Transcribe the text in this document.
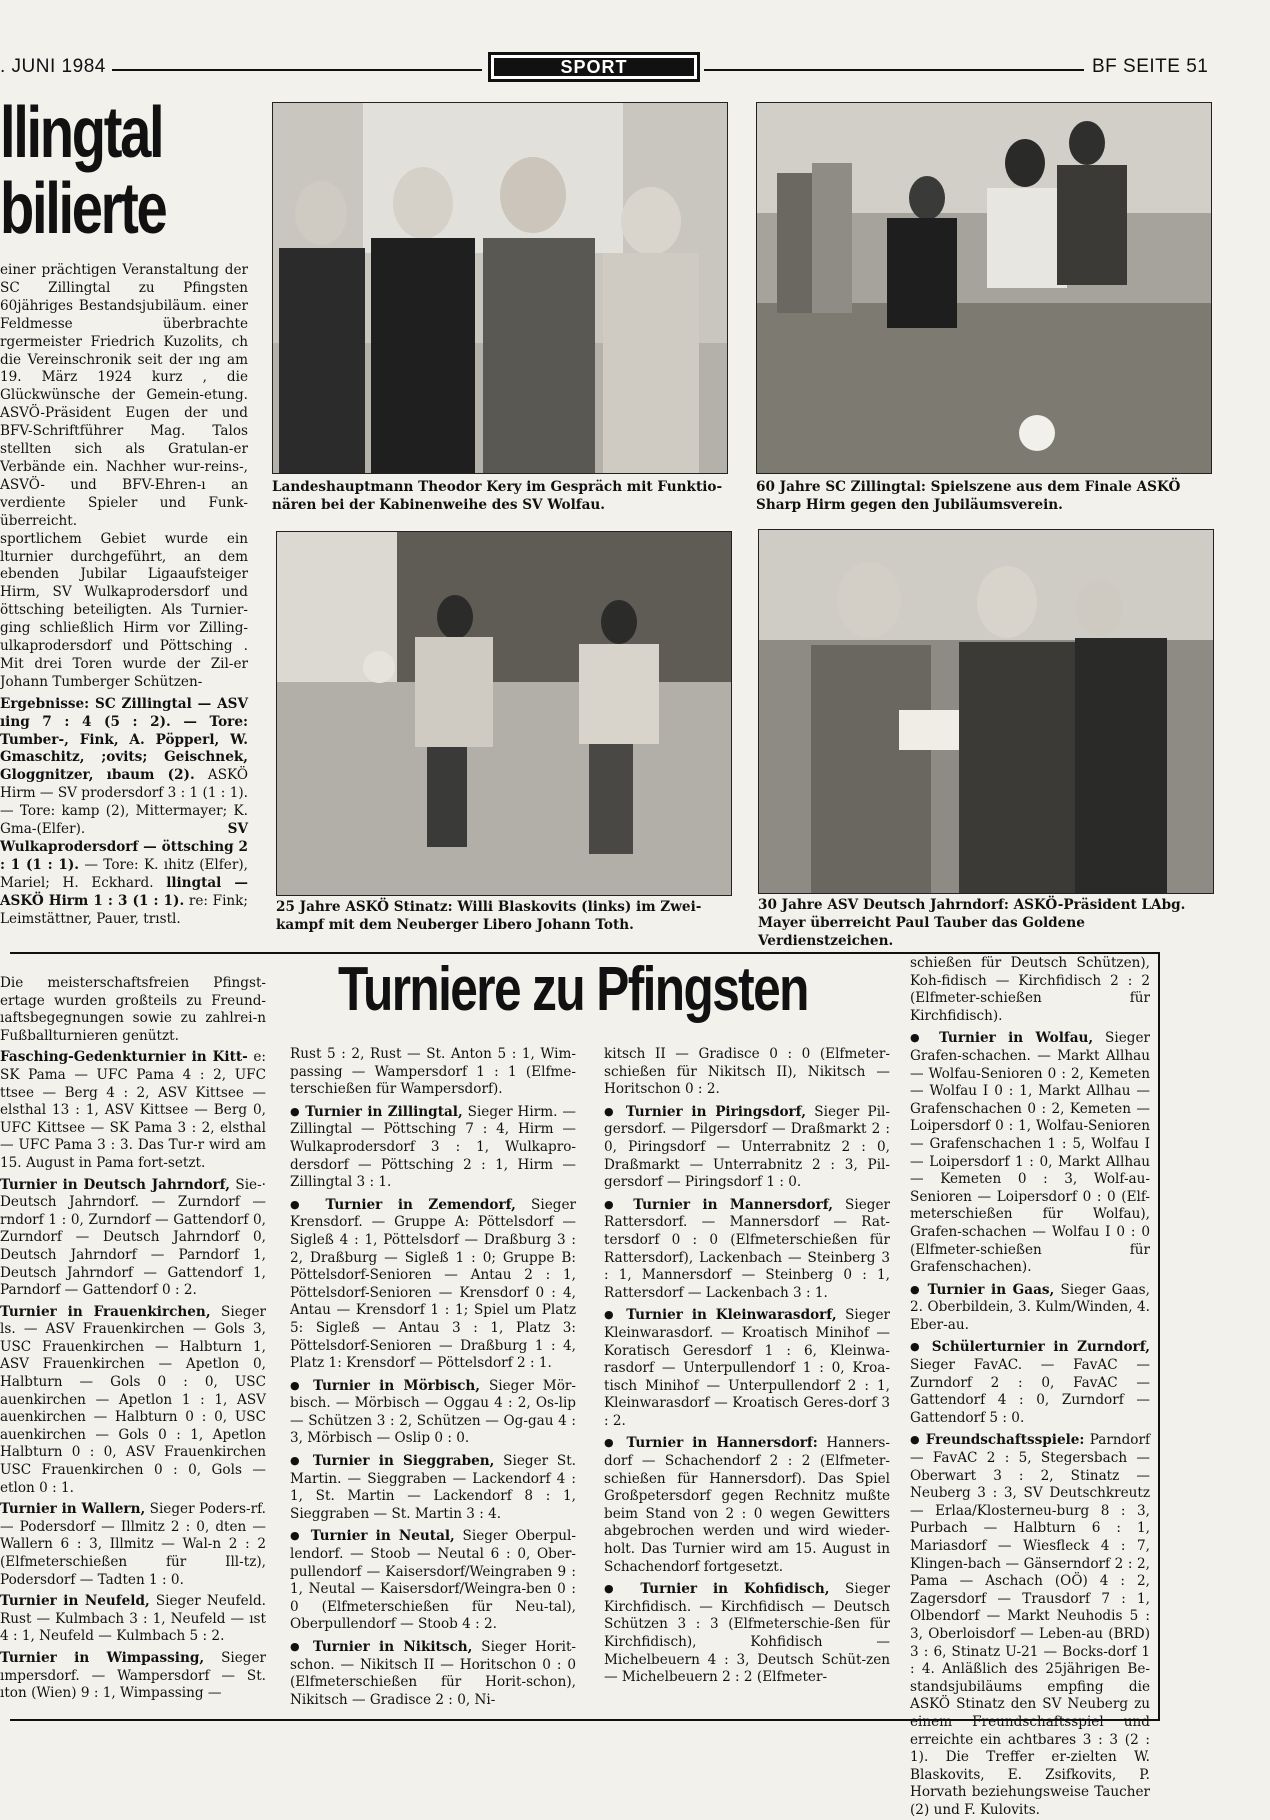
. JUNI 1984	SPORT	BF SEITE 51
llingtal
bilierte

einer prächtigen Veranstaltung der SC Zillingtal zu Pfingsten 60jähriges Bestandsjubiläum. einer Feldmesse überbrachte rgermeister Friedrich Kuzolits, ch die Vereinschronik seit der ıng am 19. März 1924 kurz , die Glückwünsche der Gemein-etung. ASVÖ-Präsident Eugen der und BFV-Schriftführer Mag. Talos stellten sich als Gratulan-er Verbände ein. Nachher wur-reins-, ASVÖ- und BFV-Ehren-ı an verdiente Spieler und Funk-überreicht.

sportlichem Gebiet wurde ein lturnier durchgeführt, an dem ebenden Jubilar Ligaaufsteiger Hirm, SV Wulkaprodersdorf und öttsching beteiligten. Als Turnier-ging schließlich Hirm vor Zilling-ulkaprodersdorf und Pöttsching . Mit drei Toren wurde der Zil-er Johann Tumberger Schützen-

Ergebnisse: SC Zillingtal — ASV ıing 7 : 4 (5 : 2). — Tore: Tumber-, Fink, A. Pöpperl, W. Gmaschitz, ;ovits; Geischnek, Gloggnitzer, ıbaum (2). ASKÖ Hirm — SV prodersdorf 3 : 1 (1 : 1). — Tore: kamp (2), Mittermayer; K. Gma-(Elfer). SV Wulkaprodersdorf — öttsching 2 : 1 (1 : 1). — Tore: K. ıhitz (Elfer), Mariel; H. Eckhard. llingtal — ASKÖ Hirm 1 : 3 (1 : 1). re: Fink; Leimstättner, Pauer, trıstl.

Landeshauptmann Theodor Kery im Gespräch mit Funktio-nären bei der Kabinenweihe des SV Wolfau.
60 Jahre SC Zillingtal: Spielszene aus dem Finale ASKÖ Sharp Hirm gegen den Jubiläumsverein.
25 Jahre ASKÖ Stinatz: Willi Blaskovits (links) im Zwei-kampf mit dem Neuberger Libero Johann Toth.
30 Jahre ASV Deutsch Jahrndorf: ASKÖ-Präsident LAbg. Mayer überreicht Paul Tauber das Goldene Verdienstzeichen.
Turniere zu Pfingsten

Die meisterschaftsfreien Pfingst-ertage wurden großteils zu Freund-ıaftsbegegnungen sowie zu zahlrei-n Fußballturnieren genützt.

Fasching-Gedenkturnier in Kitt- e: SK Pama — UFC Pama 4 : 2, UFC ttsee — Berg 4 : 2, ASV Kittsee — elsthal 13 : 1, ASV Kittsee — Berg 0, UFC Kittsee — SK Pama 3 : 2, elsthal — UFC Pama 3 : 3. Das Tur-r wird am 15. August in Pama fort-setzt.

Turnier in Deutsch Jahrndorf, Sie-· Deutsch Jahrndorf. — Zurndorf — rndorf 1 : 0, Zurndorf — Gattendorf 0, Zurndorf — Deutsch Jahrndorf 0, Deutsch Jahrndorf — Parndorf 1, Deutsch Jahrndorf — Gattendorf 1, Parndorf — Gattendorf 0 : 2.

Turnier in Frauenkirchen, Sieger ls. — ASV Frauenkirchen — Gols 3, USC Frauenkirchen — Halbturn 1, ASV Frauenkirchen — Apetlon 0, Halbturn — Gols 0 : 0, USC auenkirchen — Apetlon 1 : 1, ASV auenkirchen — Halbturn 0 : 0, USC auenkirchen — Gols 0 : 1, Apetlon Halbturn 0 : 0, ASV Frauenkirchen USC Frauenkirchen 0 : 0, Gols — etlon 0 : 1.

Turnier in Wallern, Sieger Poders-rf. — Podersdorf — Illmitz 2 : 0, dten — Wallern 6 : 3, Illmitz — Wal-n 2 : 2 (Elfmeterschießen für Ill-tz), Podersdorf — Tadten 1 : 0.

Turnier in Neufeld, Sieger Neufeld. Rust — Kulmbach 3 : 1, Neufeld — ıst 4 : 1, Neufeld — Kulmbach 5 : 2.

Turnier in Wimpassing, Sieger ımpersdorf. — Wampersdorf — St. ıton (Wien) 9 : 1, Wimpassing —

Rust 5 : 2, Rust — St. Anton 5 : 1, Wim-passing — Wampersdorf 1 : 1 (Elfme-terschießen für Wampersdorf).

● Turnier in Zillingtal, Sieger Hirm. — Zillingtal — Pöttsching 7 : 4, Hirm — Wulkaprodersdorf 3 : 1, Wulkapro-dersdorf — Pöttsching 2 : 1, Hirm — Zillingtal 3 : 1.

● Turnier in Zemendorf, Sieger Krensdorf. — Gruppe A: Pöttelsdorf — Sigleß 4 : 1, Pöttelsdorf — Draßburg 3 : 2, Draßburg — Sigleß 1 : 0; Gruppe B: Pöttelsdorf-Senioren — Antau 2 : 1, Pöttelsdorf-Senioren — Krensdorf 0 : 4, Antau — Krensdorf 1 : 1; Spiel um Platz 5: Sigleß — Antau 3 : 1, Platz 3: Pöttelsdorf-Senioren — Draßburg 1 : 4, Platz 1: Krensdorf — Pöttelsdorf 2 : 1.

● Turnier in Mörbisch, Sieger Mör-bisch. — Mörbisch — Oggau 4 : 2, Os-lip — Schützen 3 : 2, Schützen — Og-gau 4 : 3, Mörbisch — Oslip 0 : 0.

● Turnier in Sieggraben, Sieger St. Martin. — Sieggraben — Lackendorf 4 : 1, St. Martin — Lackendorf 8 : 1, Sieggraben — St. Martin 3 : 4.

● Turnier in Neutal, Sieger Oberpul-lendorf. — Stoob — Neutal 6 : 0, Ober-pullendorf — Kaisersdorf/Weingraben 9 : 1, Neutal — Kaisersdorf/Weingra-ben 0 : 0 (Elfmeterschießen für Neu-tal), Oberpullendorf — Stoob 4 : 2.

● Turnier in Nikitsch, Sieger Horit-schon. — Nikitsch II — Horitschon 0 : 0 (Elfmeterschießen für Horit-schon), Nikitsch — Gradisce 2 : 0, Ni-

kitsch II — Gradisce 0 : 0 (Elfmeter-schießen für Nikitsch II), Nikitsch — Horitschon 0 : 2.

● Turnier in Piringsdorf, Sieger Pil-gersdorf. — Pilgersdorf — Draßmarkt 2 : 0, Piringsdorf — Unterrabnitz 2 : 0, Draßmarkt — Unterrabnitz 2 : 3, Pil-gersdorf — Piringsdorf 1 : 0.

● Turnier in Mannersdorf, Sieger Rattersdorf. — Mannersdorf — Rat-tersdorf 0 : 0 (Elfmeterschießen für Rattersdorf), Lackenbach — Steinberg 3 : 1, Mannersdorf — Steinberg 0 : 1, Rattersdorf — Lackenbach 3 : 1.

● Turnier in Kleinwarasdorf, Sieger Kleinwarasdorf. — Kroatisch Minihof — Koratisch Geresdorf 1 : 6, Kleinwa-rasdorf — Unterpullendorf 1 : 0, Kroa-tisch Minihof — Unterpullendorf 2 : 1, Kleinwarasdorf — Kroatisch Geres-dorf 3 : 2.

● Turnier in Hannersdorf: Hanners-dorf — Schachendorf 2 : 2 (Elfmeter-schießen für Hannersdorf). Das Spiel Großpetersdorf gegen Rechnitz mußte beim Stand von 2 : 0 wegen Gewitters abgebrochen werden und wird wieder-holt. Das Turnier wird am 15. August in Schachendorf fortgesetzt.

● Turnier in Kohfidisch, Sieger Kirchfidisch. — Kirchfidisch — Deutsch Schützen 3 : 3 (Elfmeterschie-ßen für Kirchfidisch), Kohfidisch — Michelbeuern 4 : 3, Deutsch Schüt-zen — Michelbeuern 2 : 2 (Elfmeter-

schießen für Deutsch Schützen), Koh-fidisch — Kirchfidisch 2 : 2 (Elfmeter-schießen für Kirchfidisch).

● Turnier in Wolfau, Sieger Grafen-schachen. — Markt Allhau — Wolfau-Senioren 0 : 2, Kemeten — Wolfau I 0 : 1, Markt Allhau — Grafenschachen 0 : 2, Kemeten — Loipersdorf 0 : 1, Wolfau-Senioren — Grafenschachen 1 : 5, Wolfau I — Loipersdorf 1 : 0, Markt Allhau — Kemeten 0 : 3, Wolf-au-Senioren — Loipersdorf 0 : 0 (Elf-meterschießen für Wolfau), Grafen-schachen — Wolfau I 0 : 0 (Elfmeter-schießen für Grafenschachen).

● Turnier in Gaas, Sieger Gaas, 2. Oberbildein, 3. Kulm/Winden, 4. Eber-au.

● Schülerturnier in Zurndorf, Sieger FavAC. — FavAC — Zurndorf 2 : 0, FavAC — Gattendorf 4 : 0, Zurndorf — Gattendorf 5 : 0.

● Freundschaftsspiele: Parndorf — FavAC 2 : 5, Stegersbach — Oberwart 3 : 2, Stinatz — Neuberg 3 : 3, SV Deutschkreutz — Erlaa/Klosterneu-burg 8 : 3, Purbach — Halbturn 6 : 1, Mariasdorf — Wiesfleck 4 : 7, Klingen-bach — Gänserndorf 2 : 2, Pama — Aschach (OÖ) 4 : 2, Zagersdorf — Trausdorf 7 : 1, Olbendorf — Markt Neuhodis 5 : 3, Oberloisdorf — Leben-au (BRD) 3 : 6, Stinatz U-21 — Bocks-dorf 1 : 4. Anläßlich des 25jährigen Be-standsjubiläums empfing die ASKÖ Stinatz den SV Neuberg zu einem Freundschaftsspiel und erreichte ein achtbares 3 : 3 (2 : 1). Die Treffer er-zielten W. Blaskovits, E. Zsifkovits, P. Horvath beziehungsweise Taucher (2) und F. Kulovits.
